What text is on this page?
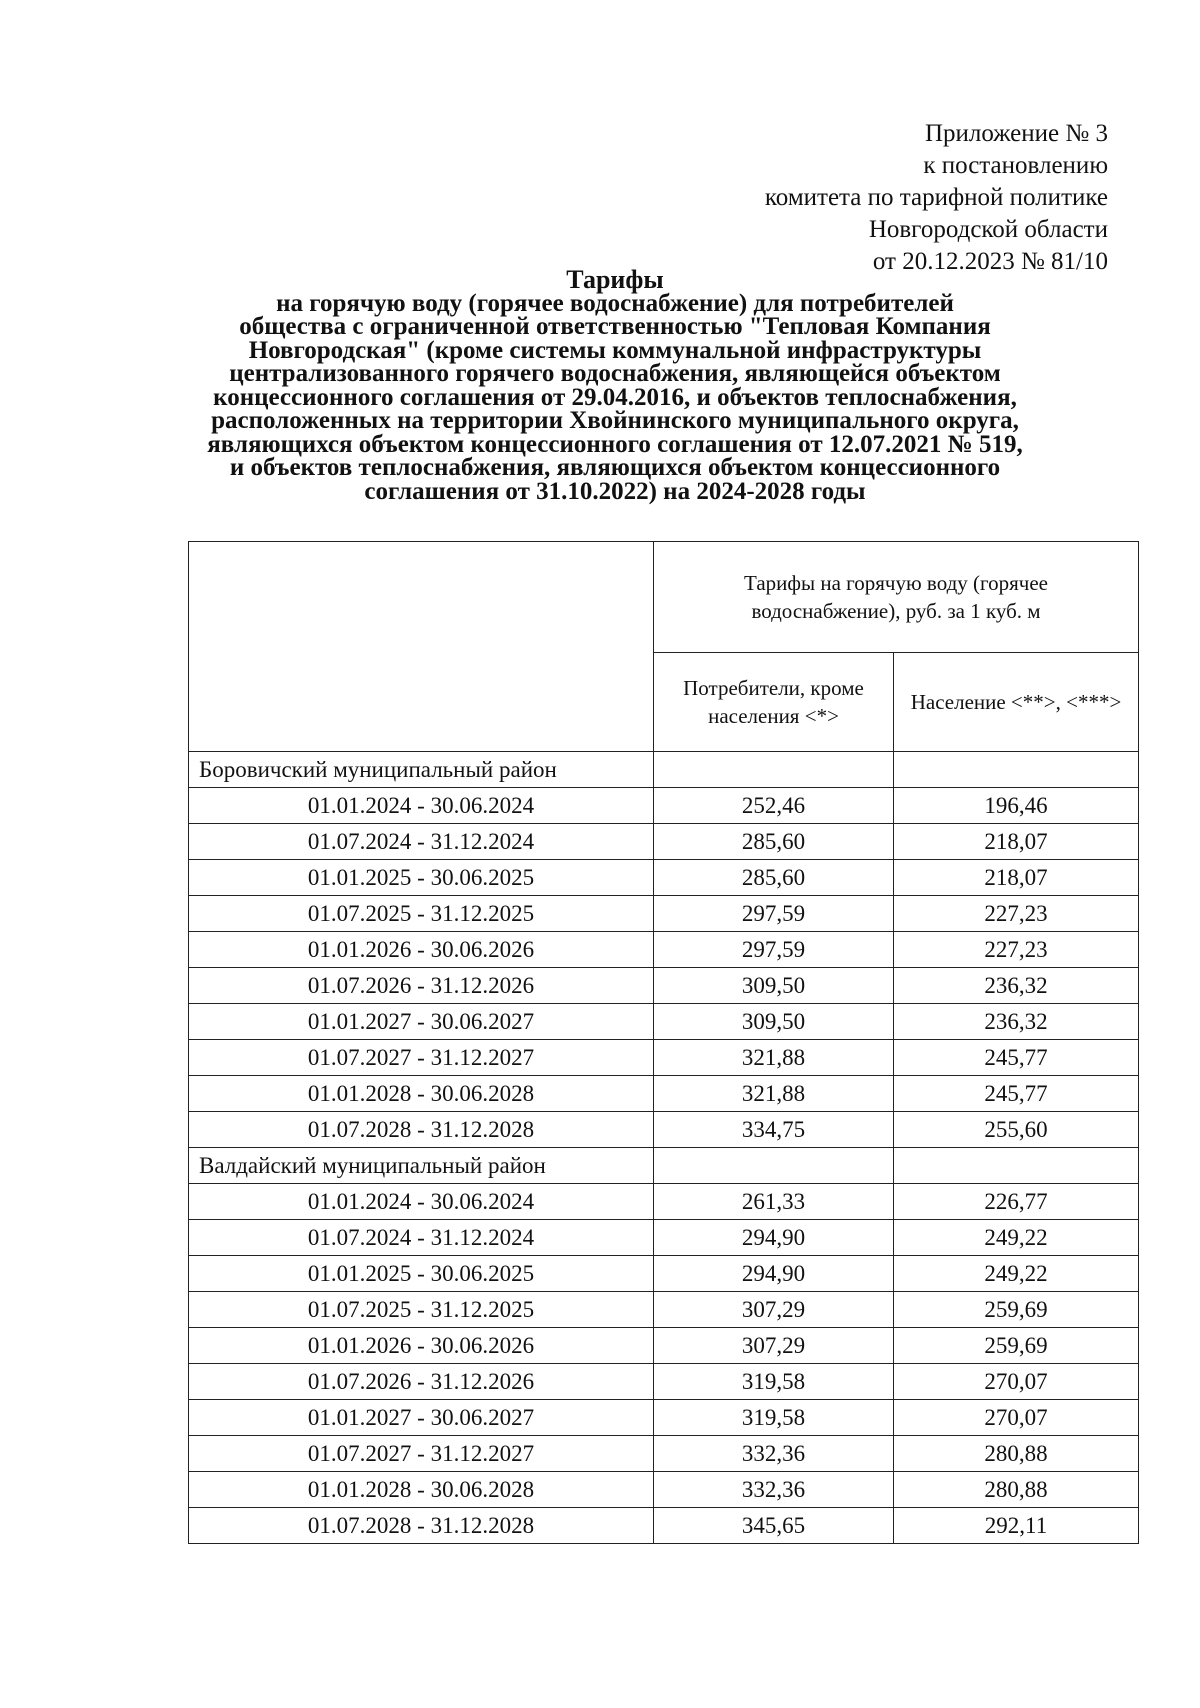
Приложение № 3
к постановлению
комитета по тарифной политике
Новгородской области
от 20.12.2023 № 81/10
Тарифы
на горячую воду (горячее водоснабжение) для потребителей
общества с ограниченной ответственностью "Тепловая Компания
Новгородская" (кроме системы коммунальной инфраструктуры
централизованного горячего водоснабжения, являющейся объектом
концессионного соглашения от 29.04.2016, и объектов теплоснабжения,
расположенных на территории Хвойнинского муниципального округа,
являющихся объектом концессионного соглашения от 12.07.2021 № 519,
и объектов теплоснабжения, являющихся объектом концессионного
соглашения от 31.10.2022) на 2024-2028 годы
	Тарифы на горячую воду (горячее водоснабжение), руб. за 1 куб. м	
	Потребители, кроме населения <*>	Население <**>, <***>
Боровичский муниципальный район		
01.01.2024 - 30.06.2024	252,46	196,46
01.07.2024 - 31.12.2024	285,60	218,07
01.01.2025 - 30.06.2025	285,60	218,07
01.07.2025 - 31.12.2025	297,59	227,23
01.01.2026 - 30.06.2026	297,59	227,23
01.07.2026 - 31.12.2026	309,50	236,32
01.01.2027 - 30.06.2027	309,50	236,32
01.07.2027 - 31.12.2027	321,88	245,77
01.01.2028 - 30.06.2028	321,88	245,77
01.07.2028 - 31.12.2028	334,75	255,60
Валдайский муниципальный район		
01.01.2024 - 30.06.2024	261,33	226,77
01.07.2024 - 31.12.2024	294,90	249,22
01.01.2025 - 30.06.2025	294,90	249,22
01.07.2025 - 31.12.2025	307,29	259,69
01.01.2026 - 30.06.2026	307,29	259,69
01.07.2026 - 31.12.2026	319,58	270,07
01.01.2027 - 30.06.2027	319,58	270,07
01.07.2027 - 31.12.2027	332,36	280,88
01.01.2028 - 30.06.2028	332,36	280,88
01.07.2028 - 31.12.2028	345,65	292,11
